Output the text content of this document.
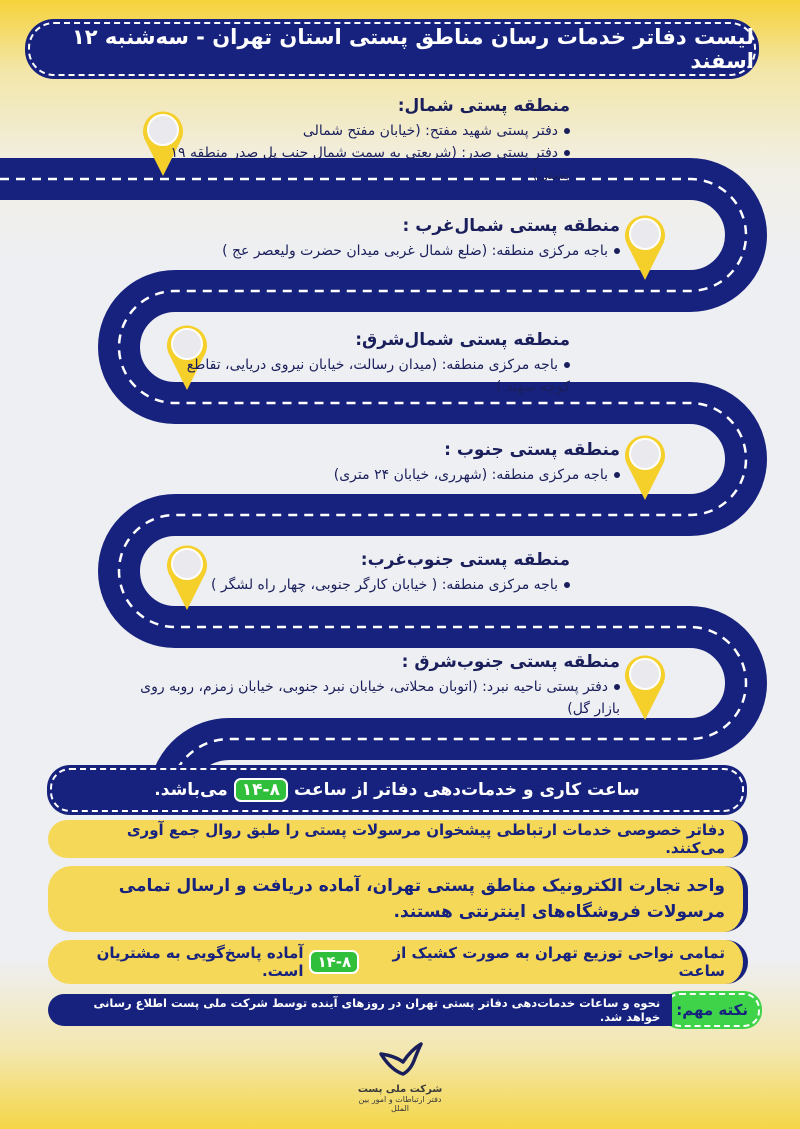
لیست دفاتر خدمات رسان مناطق پستی استان تهران - سه‌شنبه ۱۲ اسفند
منطقه پستی شمال:
دفتر پستی شهید مفتح: (خیابان مفتح شمالی
دفتر پستی صدر: (شریعتی به سمت شمال جنب پل صدر منطقه ۱۹ پستی)
منطقه پستی شمال‌غرب :
باجه مرکزی منطقه: (ضلع شمال غربی میدان حضرت ولیعصر عج )
منطقه پستی شمال‌شرق:
باجه مرکزی منطقه: (میدان رسالت، خیابان نیروی دریایی، تقاطع کوچه سهند )
منطقه پستی جنوب :
باجه مرکزی منطقه: (شهرری، خیابان ۲۴ متری)
منطقه پستی جنوب‌غرب:
باجه مرکزی منطقه: ( خیابان کارگر جنوبی، چهار راه لشگر )
منطقه پستی جنوب‌شرق :
دفتر پستی ناحیه نبرد: (اتوبان محلاتی، خیابان نبرد جنوبی، خیابان زمزم، روبه روی بازار گل)
ساعت کاری و خدمات‌دهی دفاتر از ساعت
۱۴-۸
می‌باشد.
دفاتر خصوصی خدمات ارتباطی پیشخوان مرسولات پستی را طبق روال جمع آوری می‌کنند.
واحد تجارت الکترونیک مناطق پستی تهران، آماده دریافت و ارسال تمامی مرسولات فروشگاه‌های اینترنتی هستند.
تمامی نواحی توزیع تهران به صورت کشیک از ساعت
۱۴-۸
آماده پاسخ‌گویی به مشتریان است.
نکته مهم:
نحوه و ساعات خدمات‌دهی دفاتر پستی تهران در روزهای آینده توسط شرکت ملی پست اطلاع رسانی خواهد شد.
شرکت ملی پست
دفتر ارتباطات و امور بین الملل
